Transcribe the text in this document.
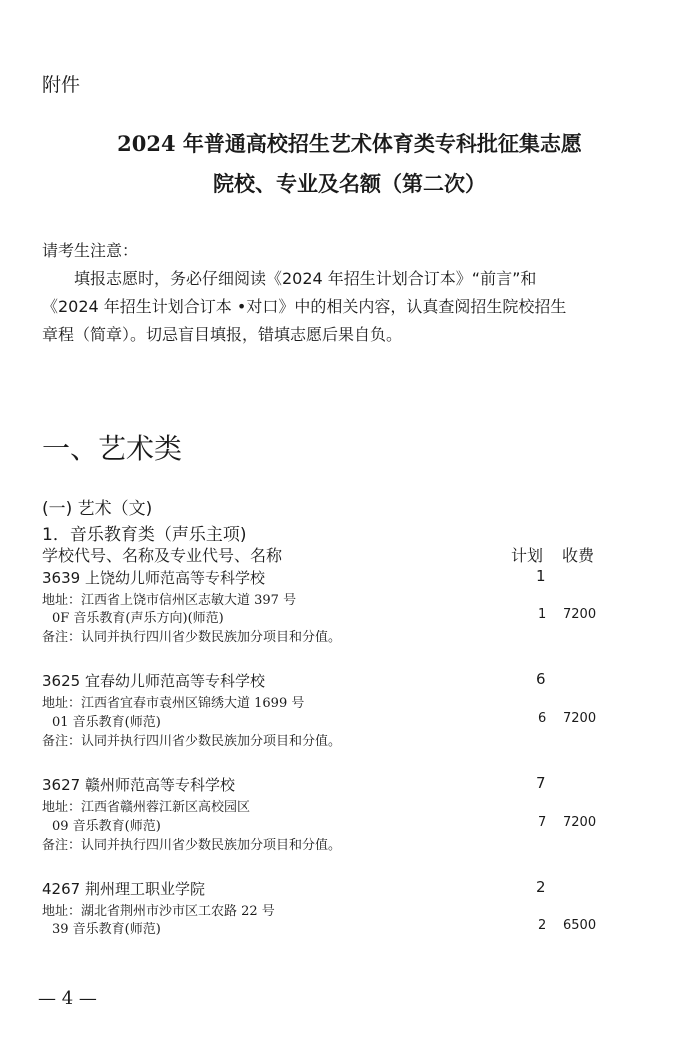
附件
2024 年普通高校招生艺术体育类专科批征集志愿
院校、专业及名额（第二次）
请考生注意：
填报志愿时，务必仔细阅读《2024 年招生计划合订本》“前言”和
《2024 年招生计划合订本 •对口》中的相关内容，认真查阅招生院校招生
章程（简章）。切忌盲目填报，错填志愿后果自负。
一、艺术类
(一) 艺术（文)
1．音乐教育类（声乐主项)
学校代号、名称及专业代号、名称	计划 收费
3639 上饶幼儿师范高等专科学校	1
地址：江西省上饶市信州区志敏大道 397 号
0F 音乐教育(声乐方向)(师范)	1 7200
备注：认同并执行四川省少数民族加分项目和分值。
3625 宜春幼儿师范高等专科学校	6
地址：江西省宜春市袁州区锦绣大道 1699 号
01 音乐教育(师范)	6 7200
备注：认同并执行四川省少数民族加分项目和分值。
3627 赣州师范高等专科学校	7
地址：江西省赣州蓉江新区高校园区
09 音乐教育(师范)	7 7200
备注：认同并执行四川省少数民族加分项目和分值。
4267 荆州理工职业学院	2
地址：湖北省荆州市沙市区工农路 22 号
39 音乐教育(师范)	2 6500
— 4 —
